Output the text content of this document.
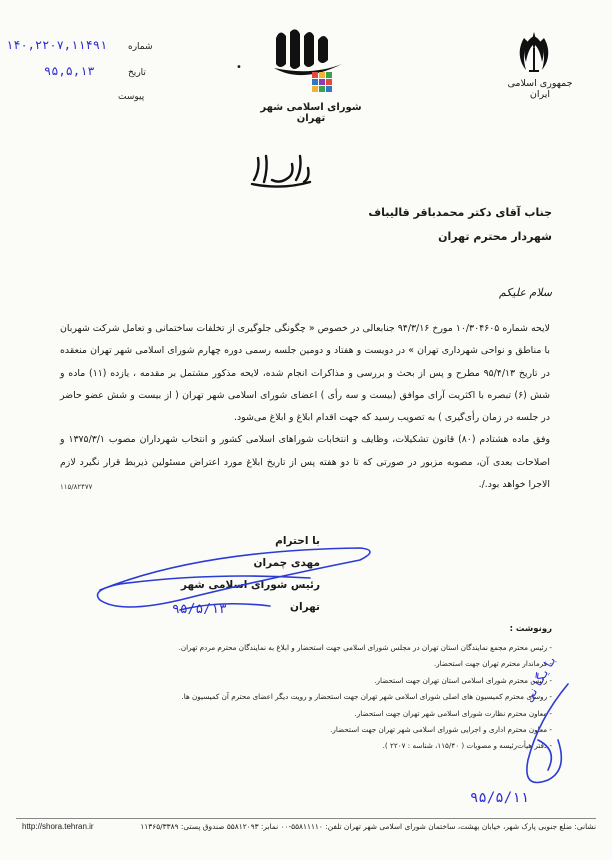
جمهوری اسلامی ایران
شورای اسلامی شهر تهران
•
شماره
۱۴۰,۲۲۰۷,۱۱۴۹۱
تاریخ
۹۵,۵,۱۳
پیوست
جناب آقای دکتر محمدباقر قالیباف
شهردار محترم تهران
سلام علیکم

لایحه شماره ۱۰/۳۰۴۶۰۵ مورخ ۹۴/۳/۱۶ جنابعالی در خصوص « چگونگی جلوگیری از تخلفات ساختمانی و تعامل شرکت شهربان با مناطق و نواحی شهرداری تهران » در دویست و هفتاد و دومین جلسه رسمی دوره چهارم شورای اسلامی شهر تهران منعقده در تاریخ ۹۵/۴/۱۳ مطرح و پس از بحث و بررسی و مذاکرات انجام شده، لایحه مذکور مشتمل بر مقدمه ، یازده (۱۱) ماده و شش (۶) تبصره با اکثریت آرای موافق (بیست و سه رأی ) اعضای شورای اسلامی شهر تهران ( از بیست و شش عضو حاضر در جلسه در زمان رأی‌گیری ) به تصویب رسید که جهت اقدام ابلاغ و ابلاغ می‌شود.

وفق ماده هشتادم (۸۰) قانون تشکیلات، وظایف و انتخابات شوراهای اسلامی کشور و انتخاب شهرداران مصوب ۱۳۷۵/۳/۱ و اصلاحات بعدی آن، مصوبه مزبور در صورتی که تا دو هفته پس از تاریخ ابلاغ مورد اعتراض مسئولین ذیربط قرار نگیرد لازم الاجرا خواهد بود./.

۱۱۵/۸۲۴۷۷
با احترام
مهدی چمران
رئیس شورای اسلامی شهر تهران
۹۵/۵/۱۳
رونوشت :
- رئیس محترم مجمع نمایندگان استان تهران در مجلس شورای اسلامی جهت استحضار و ابلاغ به نمایندگان محترم مردم تهران.
- فرماندار محترم تهران جهت استحضار.
- رئیس محترم شورای اسلامی استان تهران جهت استحضار.
- روسای محترم کمیسیون های اصلی شورای اسلامی شهر تهران جهت استحضار و رویت دیگر اعضای محترم آن کمیسیون ها.
- معاون محترم نظارت شورای اسلامی شهر تهران جهت استحضار.
- معاون محترم اداری و اجرایی شورای اسلامی شهر تهران جهت استحضار.
- دفتر هیأت‌رئیسه و مصوبات ( ۱۱۵/۴۰، شناسه : ۲۲۰۷ ).
بایگانی
۹۵/۵/۱۱
نشانی: ضلع جنوبی پارک شهر، خیابان بهشت، ساختمان شورای اسلامی شهر تهران تلفن: ۵۵۸۱۱۱۱۰-۰۰ نمابر: ۵۵۸۱۲۰۹۳ صندوق پستی: ۱۱۳۶۵/۳۳۸۹
http://shora.tehran.ir
